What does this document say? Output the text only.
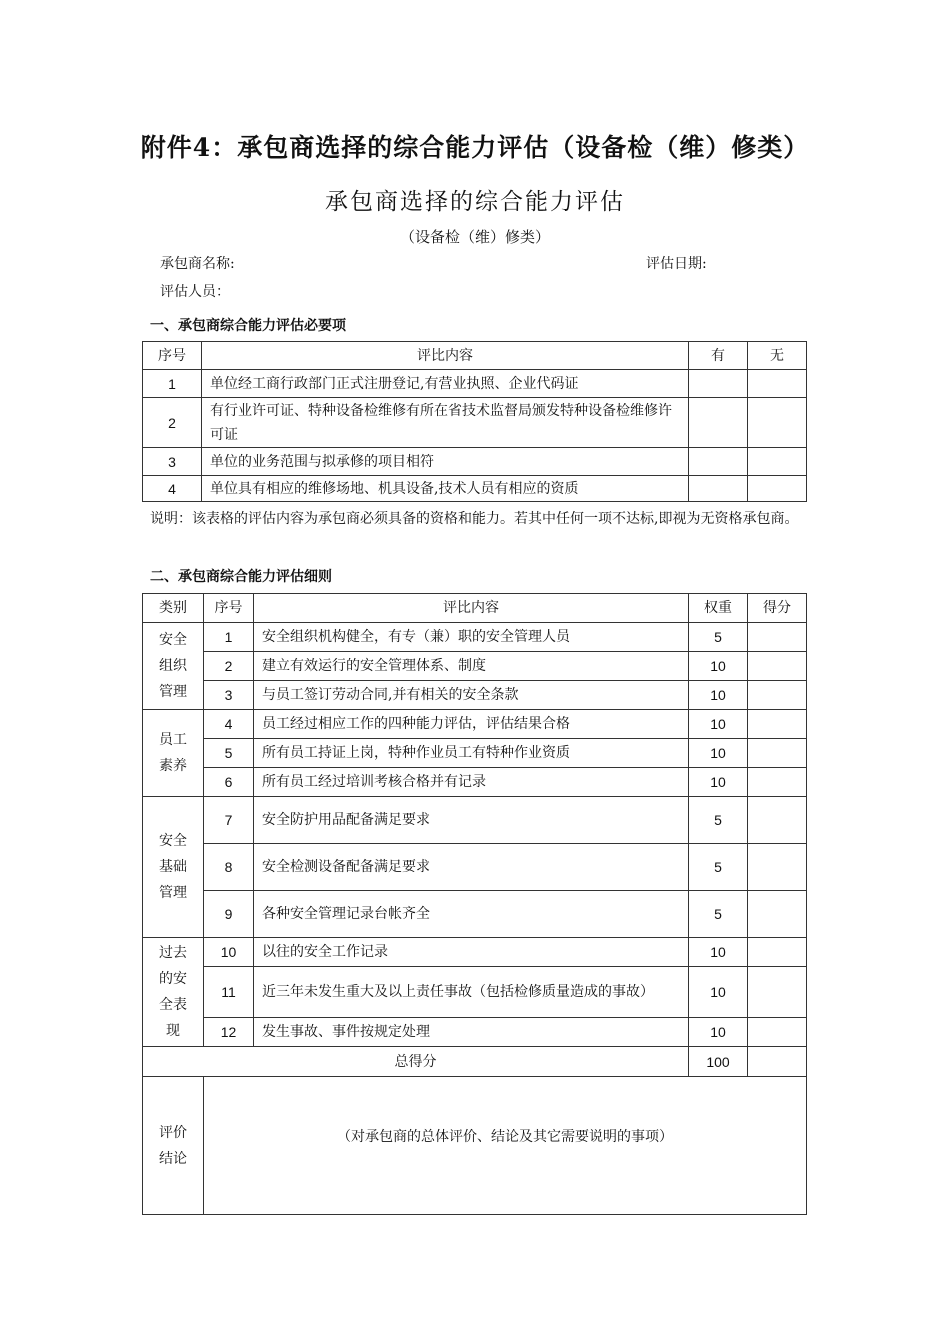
附件4：承包商选择的综合能力评估（设备检（维）修类）
承包商选择的综合能力评估
（设备检（维）修类）
承包商名称:	评估日期:
评估人员：
一、承包商综合能力评估必要项
序号	评比内容	有	无
1	单位经工商行政部门正式注册登记,有营业执照、企业代码证		
2	有行业许可证、特种设备检维修有所在省技术监督局颁发特种设备检维修许可证		
3	单位的业务范围与拟承修的项目相符		
4	单位具有相应的维修场地、机具设备,技术人员有相应的资质		
说明：该表格的评估内容为承包商必须具备的资格和能力。若其中任何一项不达标,即视为无资格承包商。
二、承包商综合能力评估细则
类别	序号	评比内容	权重	得分

安全组织管理	1	安全组织机构健全，有专（兼）职的安全管理人员	5	
	2	建立有效运行的安全管理体系、制度	10	
	3	与员工签订劳动合同,并有相关的安全条款	10	

员工素养	4	员工经过相应工作的四种能力评估，评估结果合格	10	
	5	所有员工持证上岗，特种作业员工有特种作业资质	10	
	6	所有员工经过培训考核合格并有记录	10	

安全基础管理	7	安全防护用品配备满足要求	5	
	8	安全检测设备配备满足要求	5	
	9	各种安全管理记录台帐齐全	5	

过去的安全表现	10	以往的安全工作记录	10	
	11	近三年未发生重大及以上责任事故（包括检修质量造成的事故）	10	
	12	发生事故、事件按规定处理	10	
总得分			100	

评价结论	（对承包商的总体评价、结论及其它需要说明的事项）			
